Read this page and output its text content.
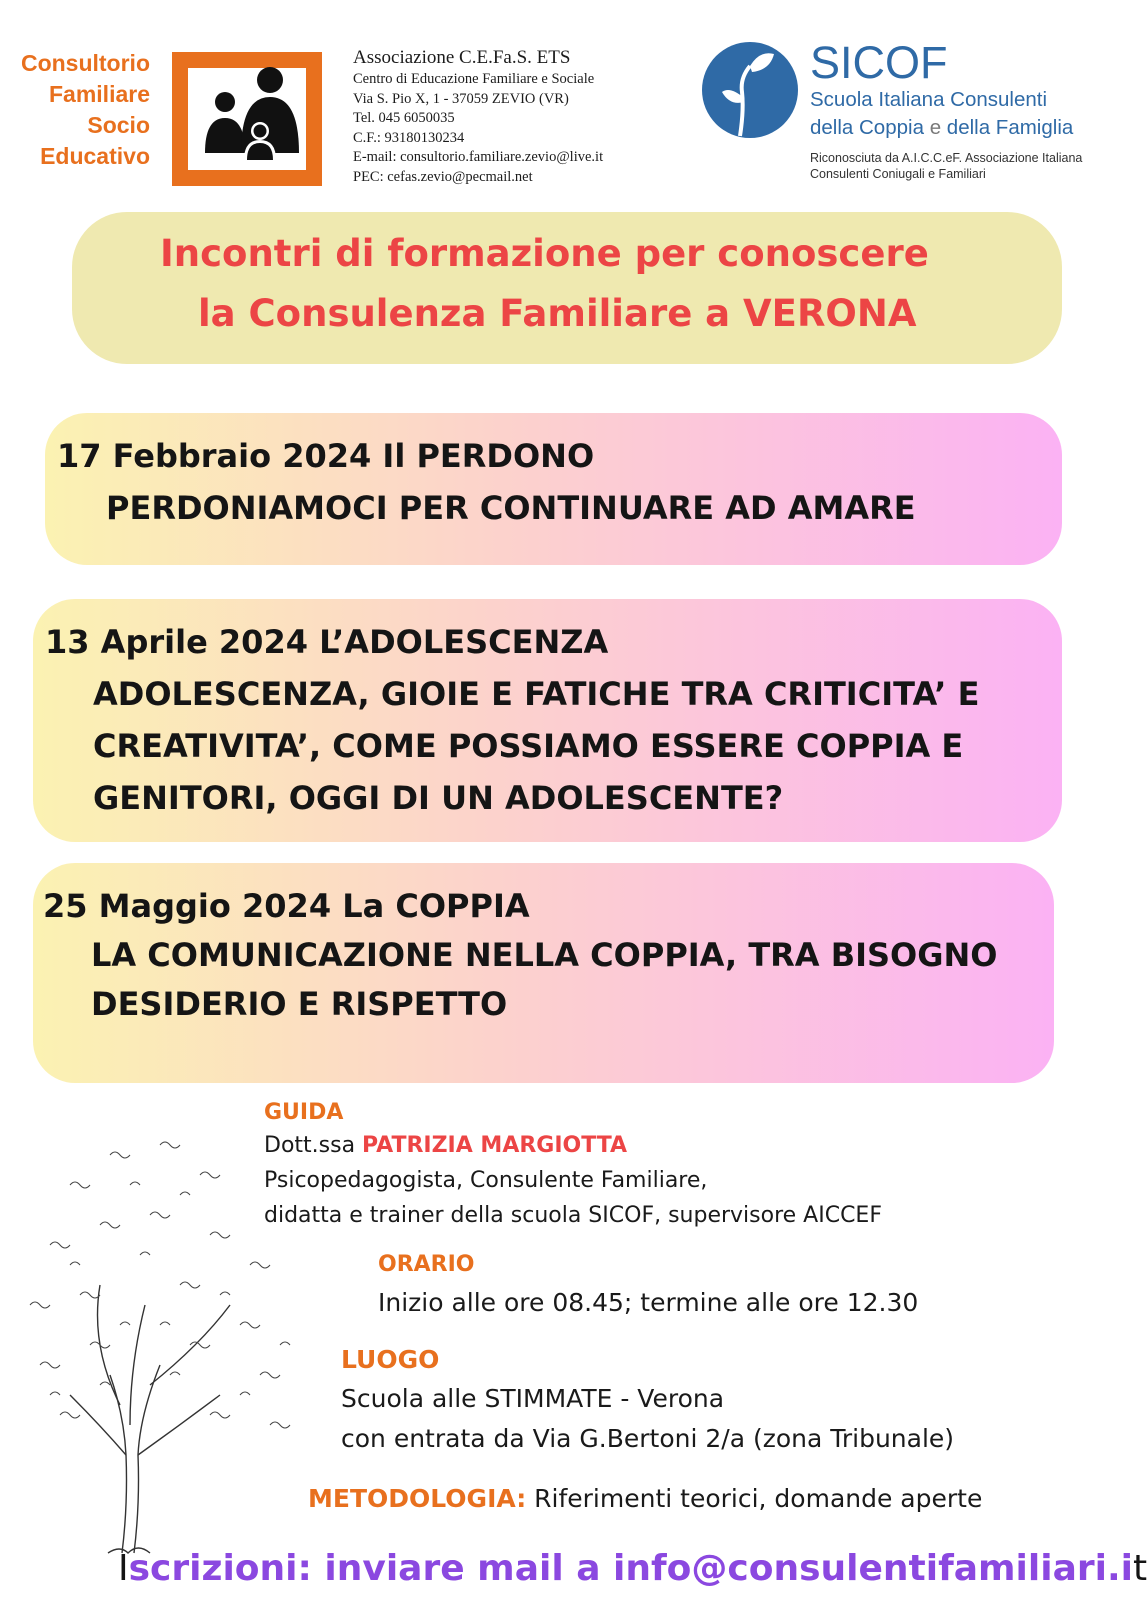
Consultorio
Familiare
Socio
Educativo
Associazione C.E.Fa.S. ETS
Centro di Educazione Familiare e Sociale
Via S. Pio X, 1 - 37059 ZEVIO (VR)
Tel. 045 6050035
C.F.: 93180130234
E-mail: consultorio.familiare.zevio@live.it
PEC: cefas.zevio@pecmail.net
SICOF
Scuola Italiana Consulenti
della Coppia e della Famiglia
Riconosciuta da A.I.C.C.eF. Associazione Italiana
Consulenti Coniugali e Familiari
Incontri di formazione per conoscere
la Consulenza Familiare a VERONA
17 Febbraio 2024 Il PERDONO
PERDONIAMOCI PER CONTINUARE AD AMARE
13 Aprile 2024 L’ADOLESCENZA
ADOLESCENZA, GIOIE E FATICHE TRA CRITICITA’ E
CREATIVITA’, COME POSSIAMO ESSERE COPPIA E
GENITORI, OGGI DI UN ADOLESCENTE?
25 Maggio 2024 La COPPIA
LA COMUNICAZIONE NELLA COPPIA, TRA BISOGNO
DESIDERIO E RISPETTO
GUIDA
Dott.ssa PATRIZIA MARGIOTTA
Psicopedagogista, Consulente Familiare,
didatta e trainer della scuola SICOF, supervisore AICCEF
ORARIO
Inizio alle ore 08.45; termine alle ore 12.30
LUOGO
Scuola alle STIMMATE - Verona
con entrata da Via G.Bertoni 2/a (zona Tribunale)
METODOLOGIA: Riferimenti teorici, domande aperte
Iscrizioni: inviare mail a info@consulentifamiliari.it
